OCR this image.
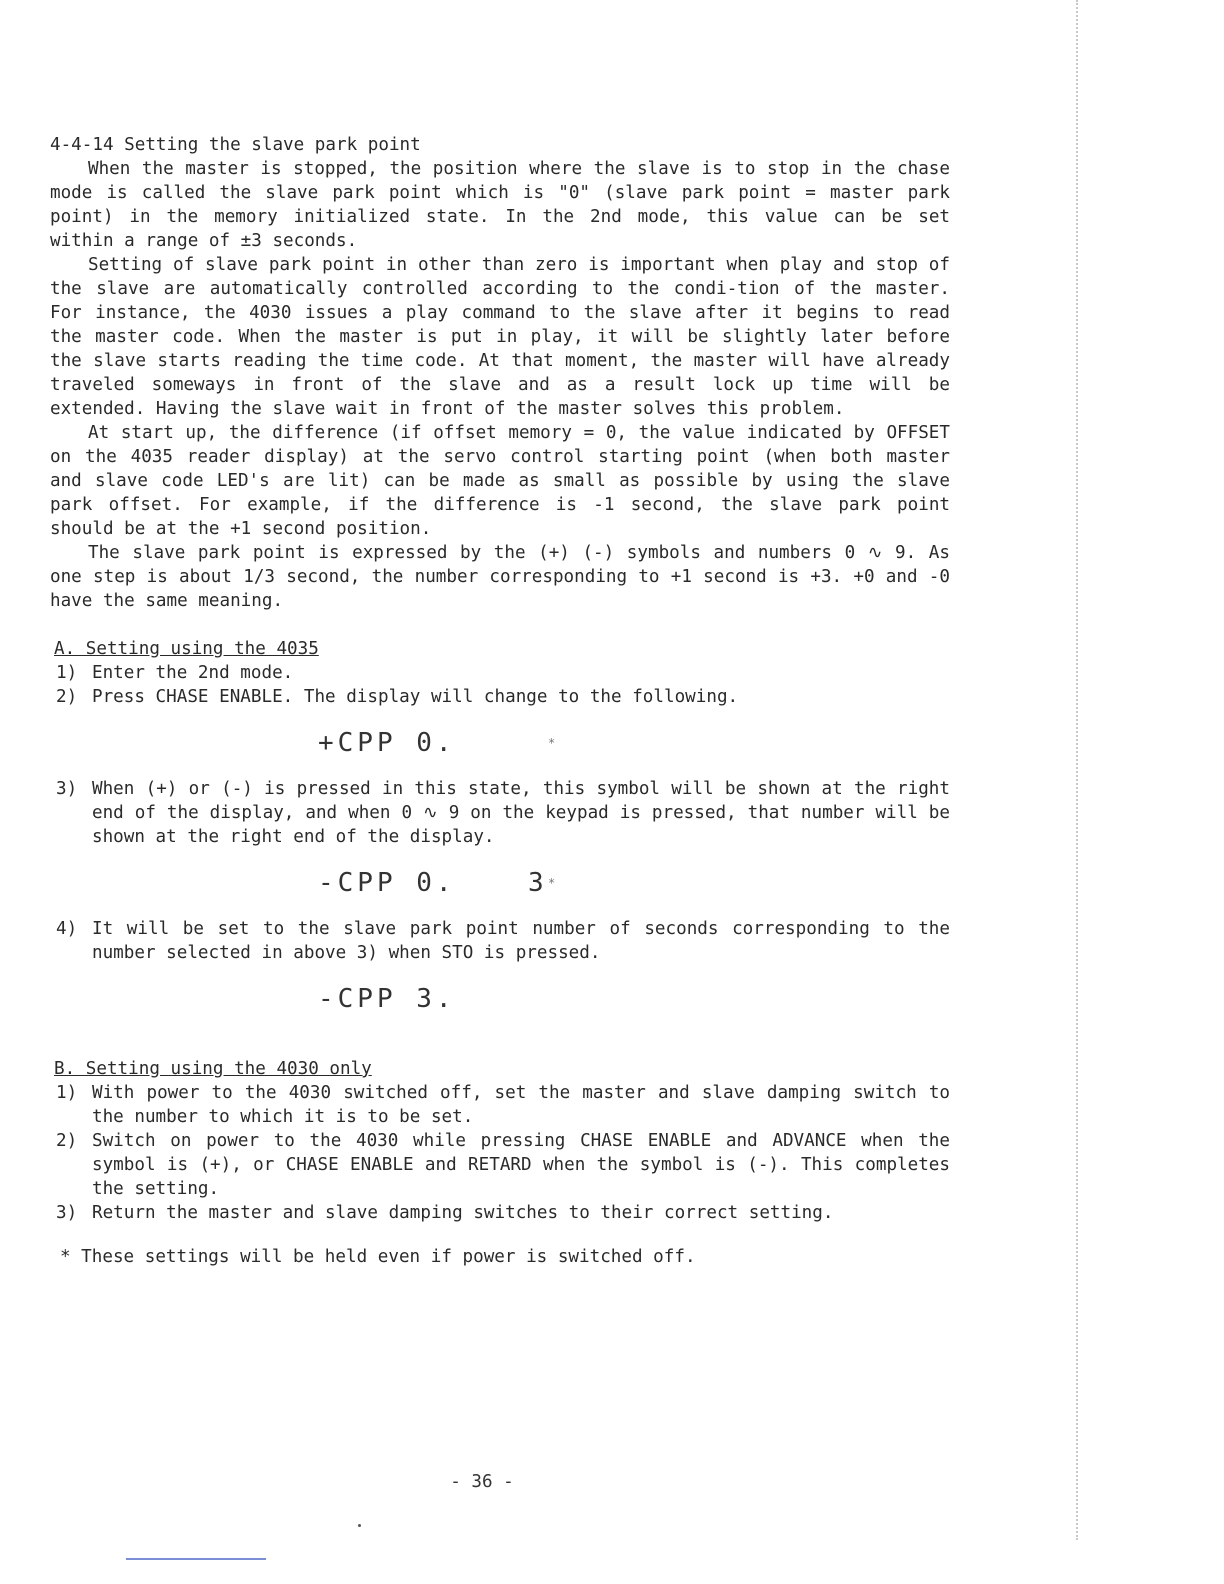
4-4-14 Setting the slave park point

When the master is stopped, the position where the slave is to stop in the chase mode is called the slave park point which is "0" (slave park point = master park point) in the memory initialized state. In the 2nd mode, this value can be set within a range of ±3 seconds.

Setting of slave park point in other than zero is important when play and stop of the slave are automatically controlled according to the condi-tion of the master. For instance, the 4030 issues a play command to the slave after it begins to read the master code. When the master is put in play, it will be slightly later before the slave starts reading the time code. At that moment, the master will have already traveled someways in front of the slave and as a result lock up time will be extended. Having the slave wait in front of the master solves this problem.

At start up, the difference (if offset memory = 0, the value indicated by OFFSET on the 4035 reader display) at the servo control starting point (when both master and slave code LED's are lit) can be made as small as possible by using the slave park offset. For example, if the difference is -1 second, the slave park point should be at the +1 second position.

The slave park point is expressed by the (+) (-) symbols and numbers 0 ∿ 9. As one step is about 1/3 second, the number corresponding to +1 second is +3. +0 and -0 have the same meaning.

A. Setting using the 4035

1) Enter the 2nd mode.

2) Press CHASE ENABLE. The display will change to the following.

+CPP 0.	*

3) When (+) or (-) is pressed in this state, this symbol will be shown at the right end of the display, and when 0 ∿ 9 on the keypad is pressed, that number will be shown at the right end of the display.

-CPP 0.	3 *

4) It will be set to the slave park point number of seconds corresponding to the number selected in above 3) when STO is pressed.

-CPP 3.

B. Setting using the 4030 only

1) With power to the 4030 switched off, set the master and slave damping switch to the number to which it is to be set.

2) Switch on power to the 4030 while pressing CHASE ENABLE and ADVANCE when the symbol is (+), or CHASE ENABLE and RETARD when the symbol is (-). This completes the setting.

3) Return the master and slave damping switches to their correct setting.

* These settings will be held even if power is switched off.

- 36 -
